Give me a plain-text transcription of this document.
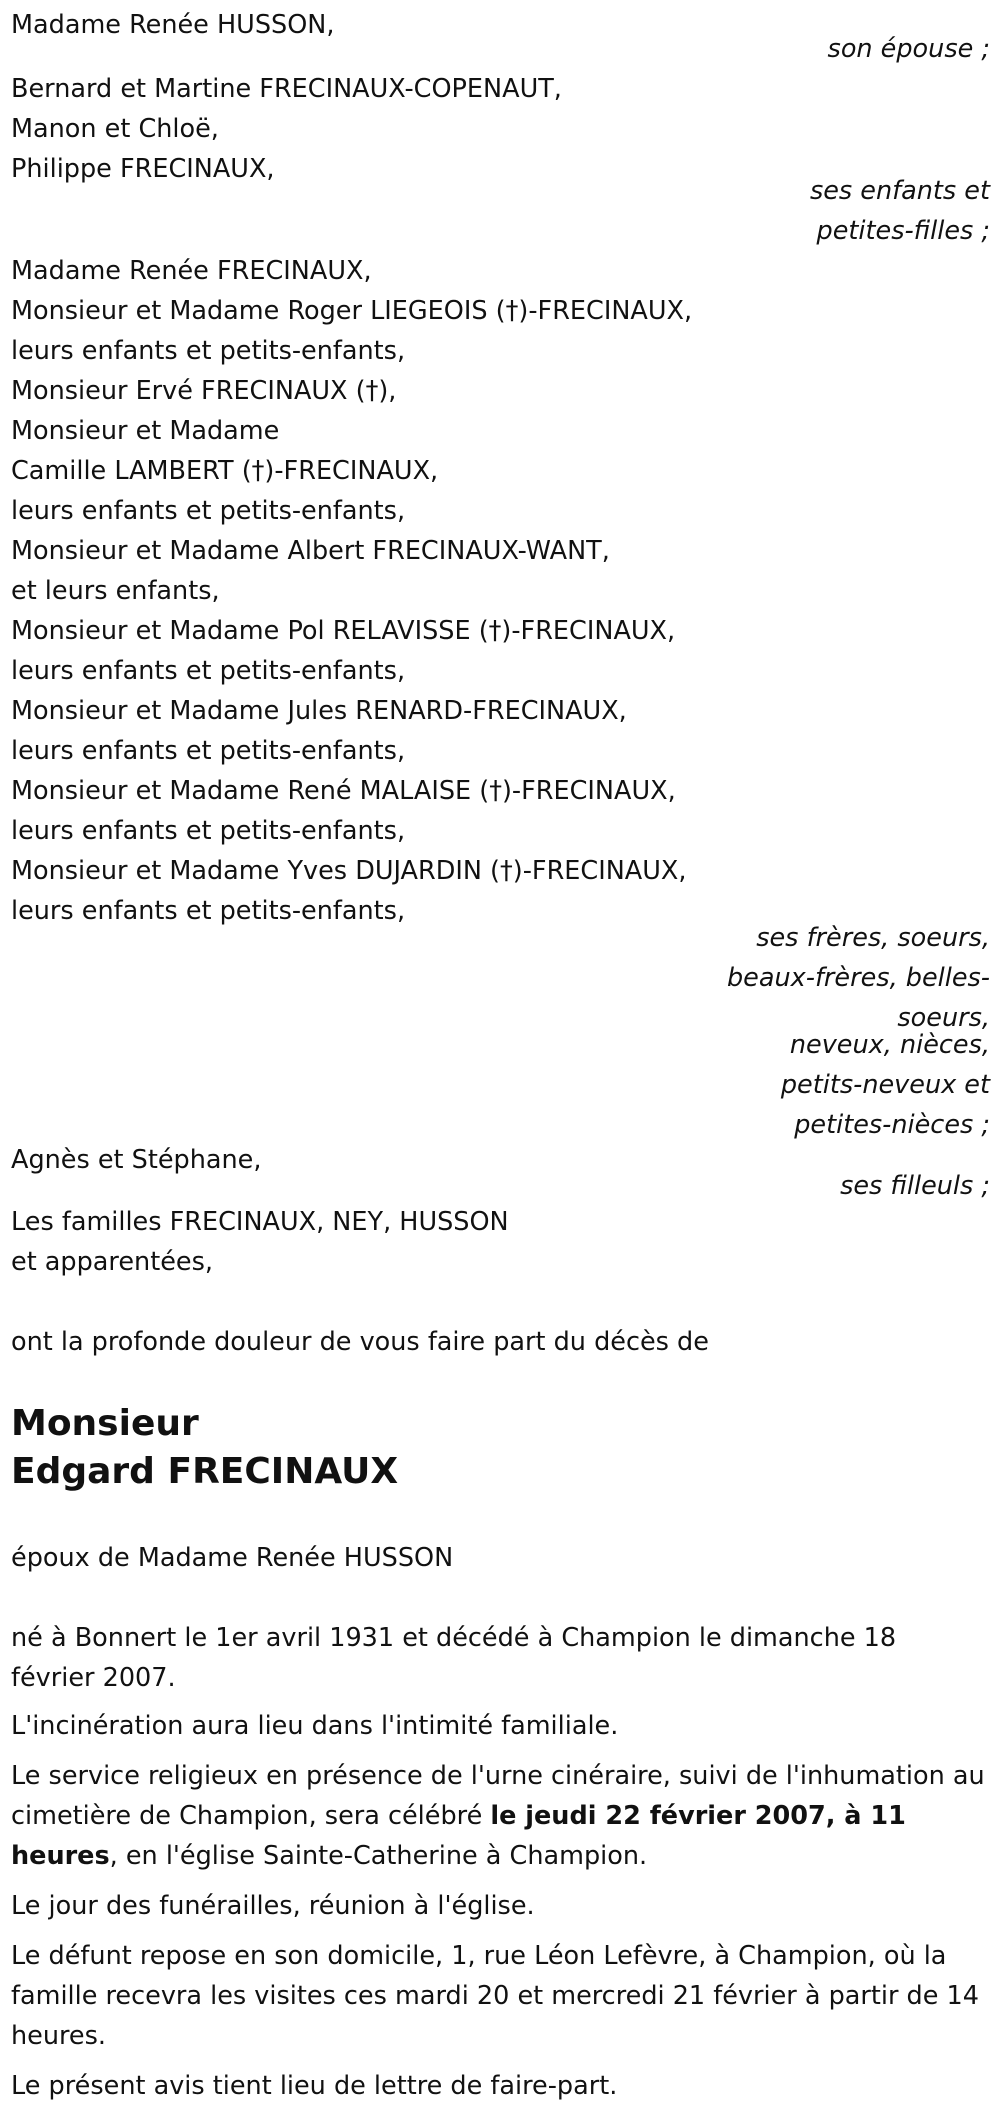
Madame Renée HUSSON,
son épouse ;
Bernard et Martine FRECINAUX-COPENAUT,
Manon et Chloë,
Philippe FRECINAUX,
ses enfants et
petites-filles ;
Madame Renée FRECINAUX,
Monsieur et Madame Roger LIEGEOIS (†)-FRECINAUX,
leurs enfants et petits-enfants,
Monsieur Ervé FRECINAUX (†),
Monsieur et Madame
Camille LAMBERT (†)-FRECINAUX,
leurs enfants et petits-enfants,
Monsieur et Madame Albert FRECINAUX-WANT,
et leurs enfants,
Monsieur et Madame Pol RELAVISSE (†)-FRECINAUX,
leurs enfants et petits-enfants,
Monsieur et Madame Jules RENARD-FRECINAUX,
leurs enfants et petits-enfants,
Monsieur et Madame René MALAISE (†)-FRECINAUX,
leurs enfants et petits-enfants,
Monsieur et Madame Yves DUJARDIN (†)-FRECINAUX,
leurs enfants et petits-enfants,
ses frères, soeurs,
beaux-frères, belles-
soeurs,
neveux, nièces,
petits-neveux et
petites-nièces ;
Agnès et Stéphane,
ses filleuls ;
Les familles FRECINAUX, NEY, HUSSON
et apparentées,
ont la profonde douleur de vous faire part du décès de
Monsieur
Edgard FRECINAUX
époux de Madame Renée HUSSON
né à Bonnert le 1er avril 1931 et décédé à Champion le dimanche 18 février 2007.
L'incinération aura lieu dans l'intimité familiale.
Le service religieux en présence de l'urne cinéraire, suivi de l'inhumation au cimetière de Champion, sera célébré le jeudi 22 février 2007, à 11 heures, en l'église Sainte-Catherine à Champion.
Le jour des funérailles, réunion à l'église.
Le défunt repose en son domicile, 1, rue Léon Lefèvre, à Champion, où la famille recevra les visites ces mardi 20 et mercredi 21 février à partir de 14 heures.
Le présent avis tient lieu de lettre de faire-part.
